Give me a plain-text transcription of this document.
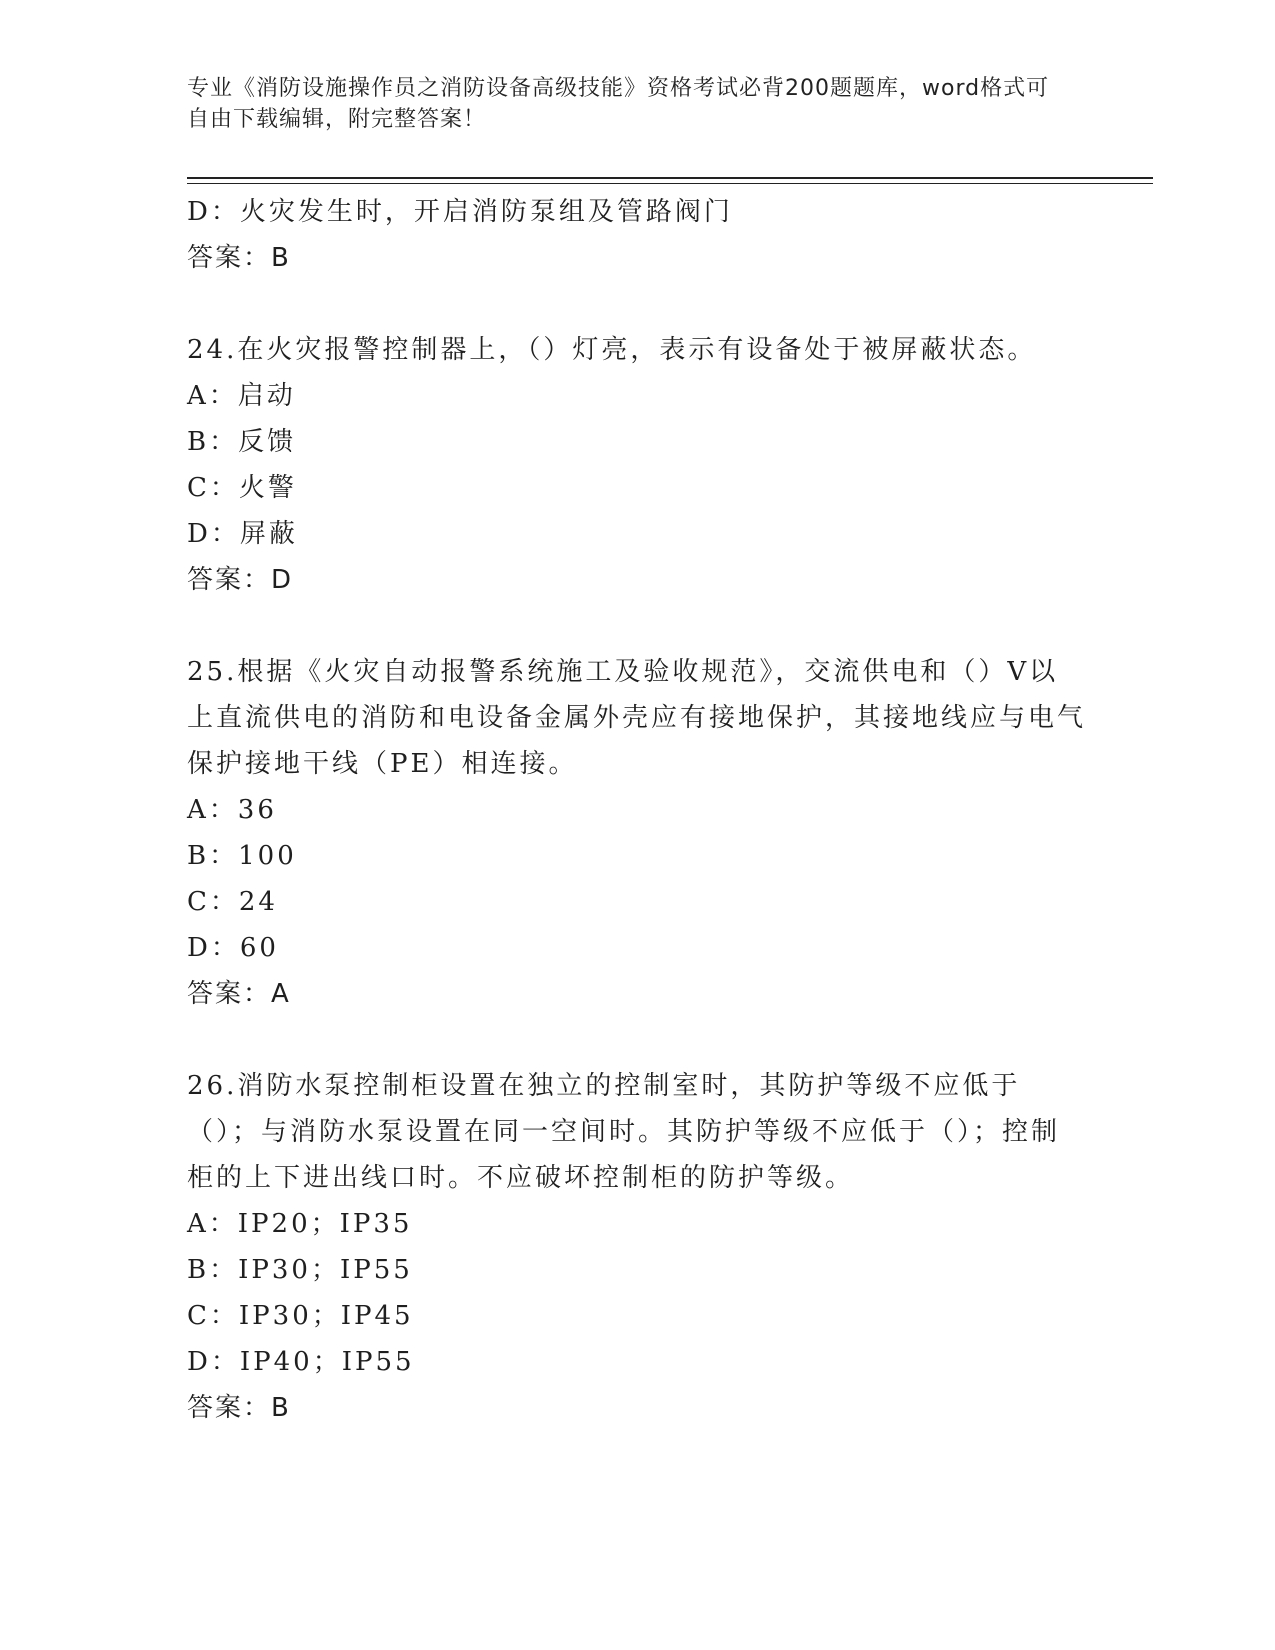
专业《消防设施操作员之消防设备高级技能》资格考试必背200题题库，word格式可自由下载编辑，附完整答案！
D：火灾发生时，开启消防泵组及管路阀门
答案：B
24.在火灾报警控制器上，（）灯亮，表示有设备处于被屏蔽状态。
A：启动
B：反馈
C：火警
D：屏蔽
答案：D
25.根据《火灾自动报警系统施工及验收规范》，交流供电和（）V以上直流供电的消防和电设备金属外壳应有接地保护，其接地线应与电气保护接地干线（PE）相连接。
A：36
B：100
C：24
D：60
答案：A
26.消防水泵控制柜设置在独立的控制室时，其防护等级不应低于（）；与消防水泵设置在同一空间时。其防护等级不应低于（）；控制柜的上下进出线口时。不应破坏控制柜的防护等级。
A：IP20；IP35
B：IP30；IP55
C：IP30；IP45
D：IP40；IP55
答案：B
